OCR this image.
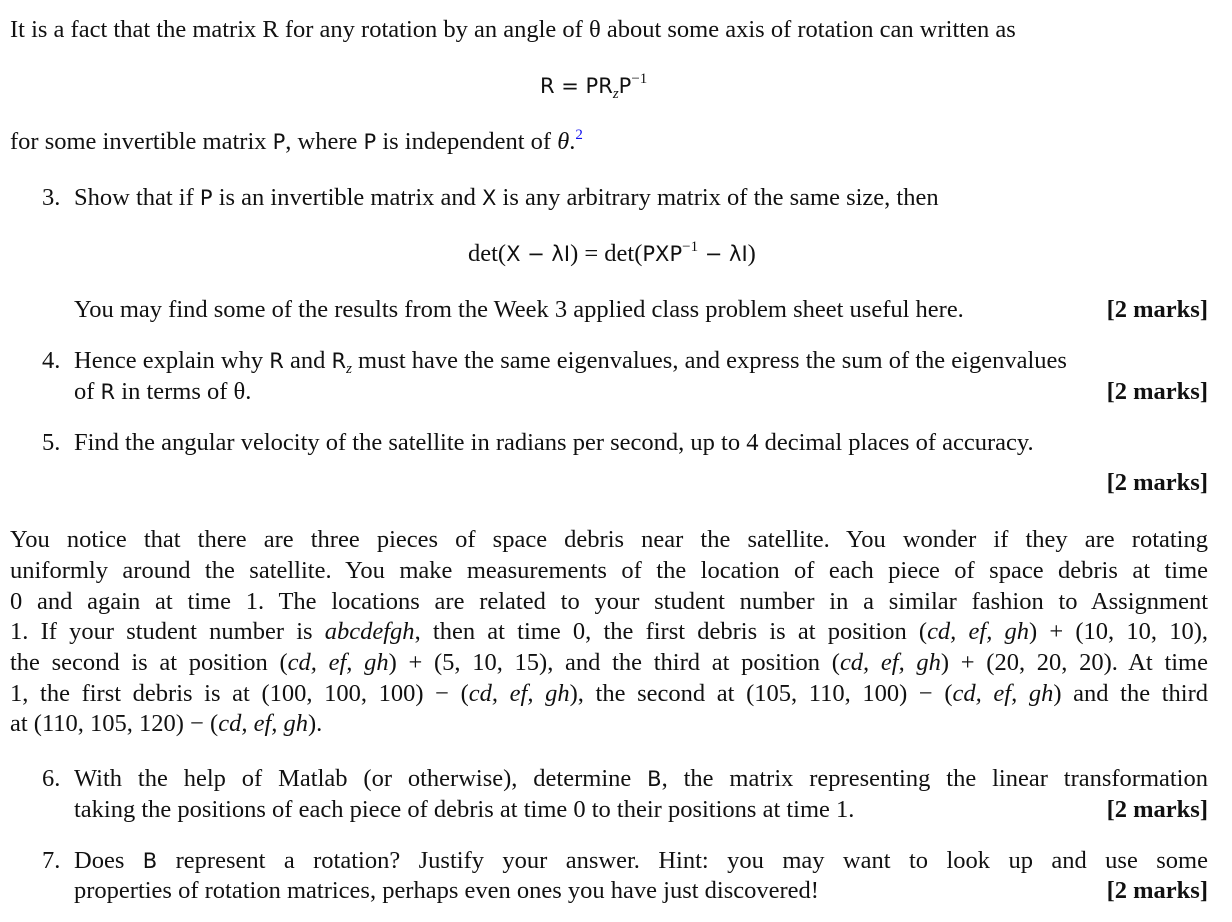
It is a fact that the matrix R for any rotation by an angle of θ about some axis of rotation can written as
$R = PR_zP^{-1}$
for some invertible matrix P, where P is independent of θ.$^2$
3. Show that if P is an invertible matrix and X is any arbitrary matrix of the same size, then
$\det(X - \lambda I) = \det(PXP^{-1} - \lambda I)$
You may find some of the results from the Week 3 applied class problem sheet useful here.	[2 marks]
4. Hence explain why R and $R_z$ must have the same eigenvalues, and express the sum of the eigenvalues
of R in terms of θ.	[2 marks]
5. Find the angular velocity of the satellite in radians per second, up to 4 decimal places of accuracy.
[2 marks]
You notice that there are three pieces of space debris near the satellite. You wonder if they are rotating
uniformly around the satellite. You make measurements of the location of each piece of space debris at time
0 and again at time 1. The locations are related to your student number in a similar fashion to Assignment
1. If your student number is abcdefgh, then at time 0, the first debris is at position (cd, ef, gh) + (10, 10, 10),
the second is at position (cd, ef, gh) + (5, 10, 15), and the third at position (cd, ef, gh) + (20, 20, 20). At time
1, the first debris is at (100, 100, 100) − (cd, ef, gh), the second at (105, 110, 100) − (cd, ef, gh) and the third
at (110, 105, 120) − (cd, ef, gh).
6. With the help of Matlab (or otherwise), determine B, the matrix representing the linear transformation
taking the positions of each piece of debris at time 0 to their positions at time 1.	[2 marks]
7. Does B represent a rotation? Justify your answer. Hint: you may want to look up and use some
properties of rotation matrices, perhaps even ones you have just discovered!	[2 marks]
